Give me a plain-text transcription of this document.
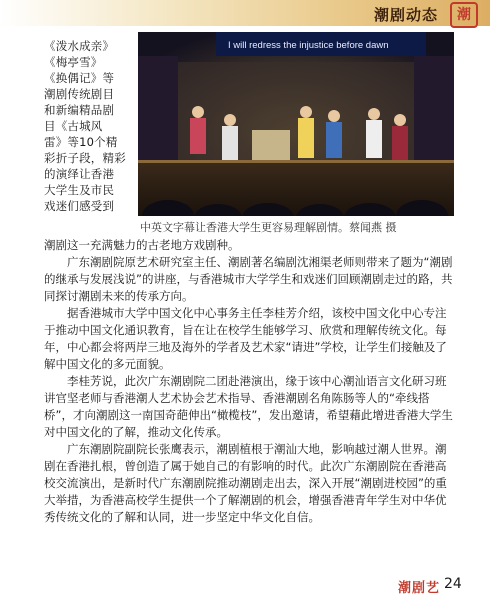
潮剧动态	潮
《泼水成亲》
《梅亭雪》
《换偶记》等
潮剧传统剧目
和新编精品剧
目《古城风
雷》等10个精
彩折子段，精彩
的演绎让香港
大学生及市民
戏迷们感受到
I will redress the injustice before dawn
中英文字幕让香港大学生更容易理解剧情。蔡闻燕 摄

潮剧这一充满魅力的古老地方戏剧种。

广东潮剧院原艺术研究室主任、潮剧著名编剧沈湘渠老师则带来了题为“潮剧的继承与发展浅说”的讲座，与香港城市大学学生和戏迷们回顾潮剧走过的路，共同探讨潮剧未来的传承方向。

据香港城市大学中国文化中心事务主任李桂芳介绍，该校中国文化中心专注于推动中国文化通识教育，旨在让在校学生能够学习、欣赏和理解传统文化。每年，中心都会将两岸三地及海外的学者及艺术家“请进”学校，让学生们接触及了解中国文化的多元面貌。

李桂芳说，此次广东潮剧院二团赴港演出，缘于该中心潮汕语言文化研习班讲官坚老师与香港潮人艺术协会艺术指导、香港潮剧名角陈肠等人的“牵线搭桥”，才向潮剧这一南国奇葩伸出“橄榄枝”，发出邀请，希望藉此增进香港大学生对中国文化的了解，推动文化传承。

广东潮剧院副院长张鹰表示，潮剧植根于潮汕大地，影响越过潮人世界。潮剧在香港扎根，曾创造了属于她自己的有影响的时代。此次广东潮剧院在香港高校交流演出，是新时代广东潮剧院推动潮剧走出去，深入开展“潮剧进校园”的重大举措，为香港高校学生提供一个了解潮剧的机会，增强香港青年学生对中华优秀传统文化的了解和认同，进一步坚定中华文化自信。

潮剧艺 24
